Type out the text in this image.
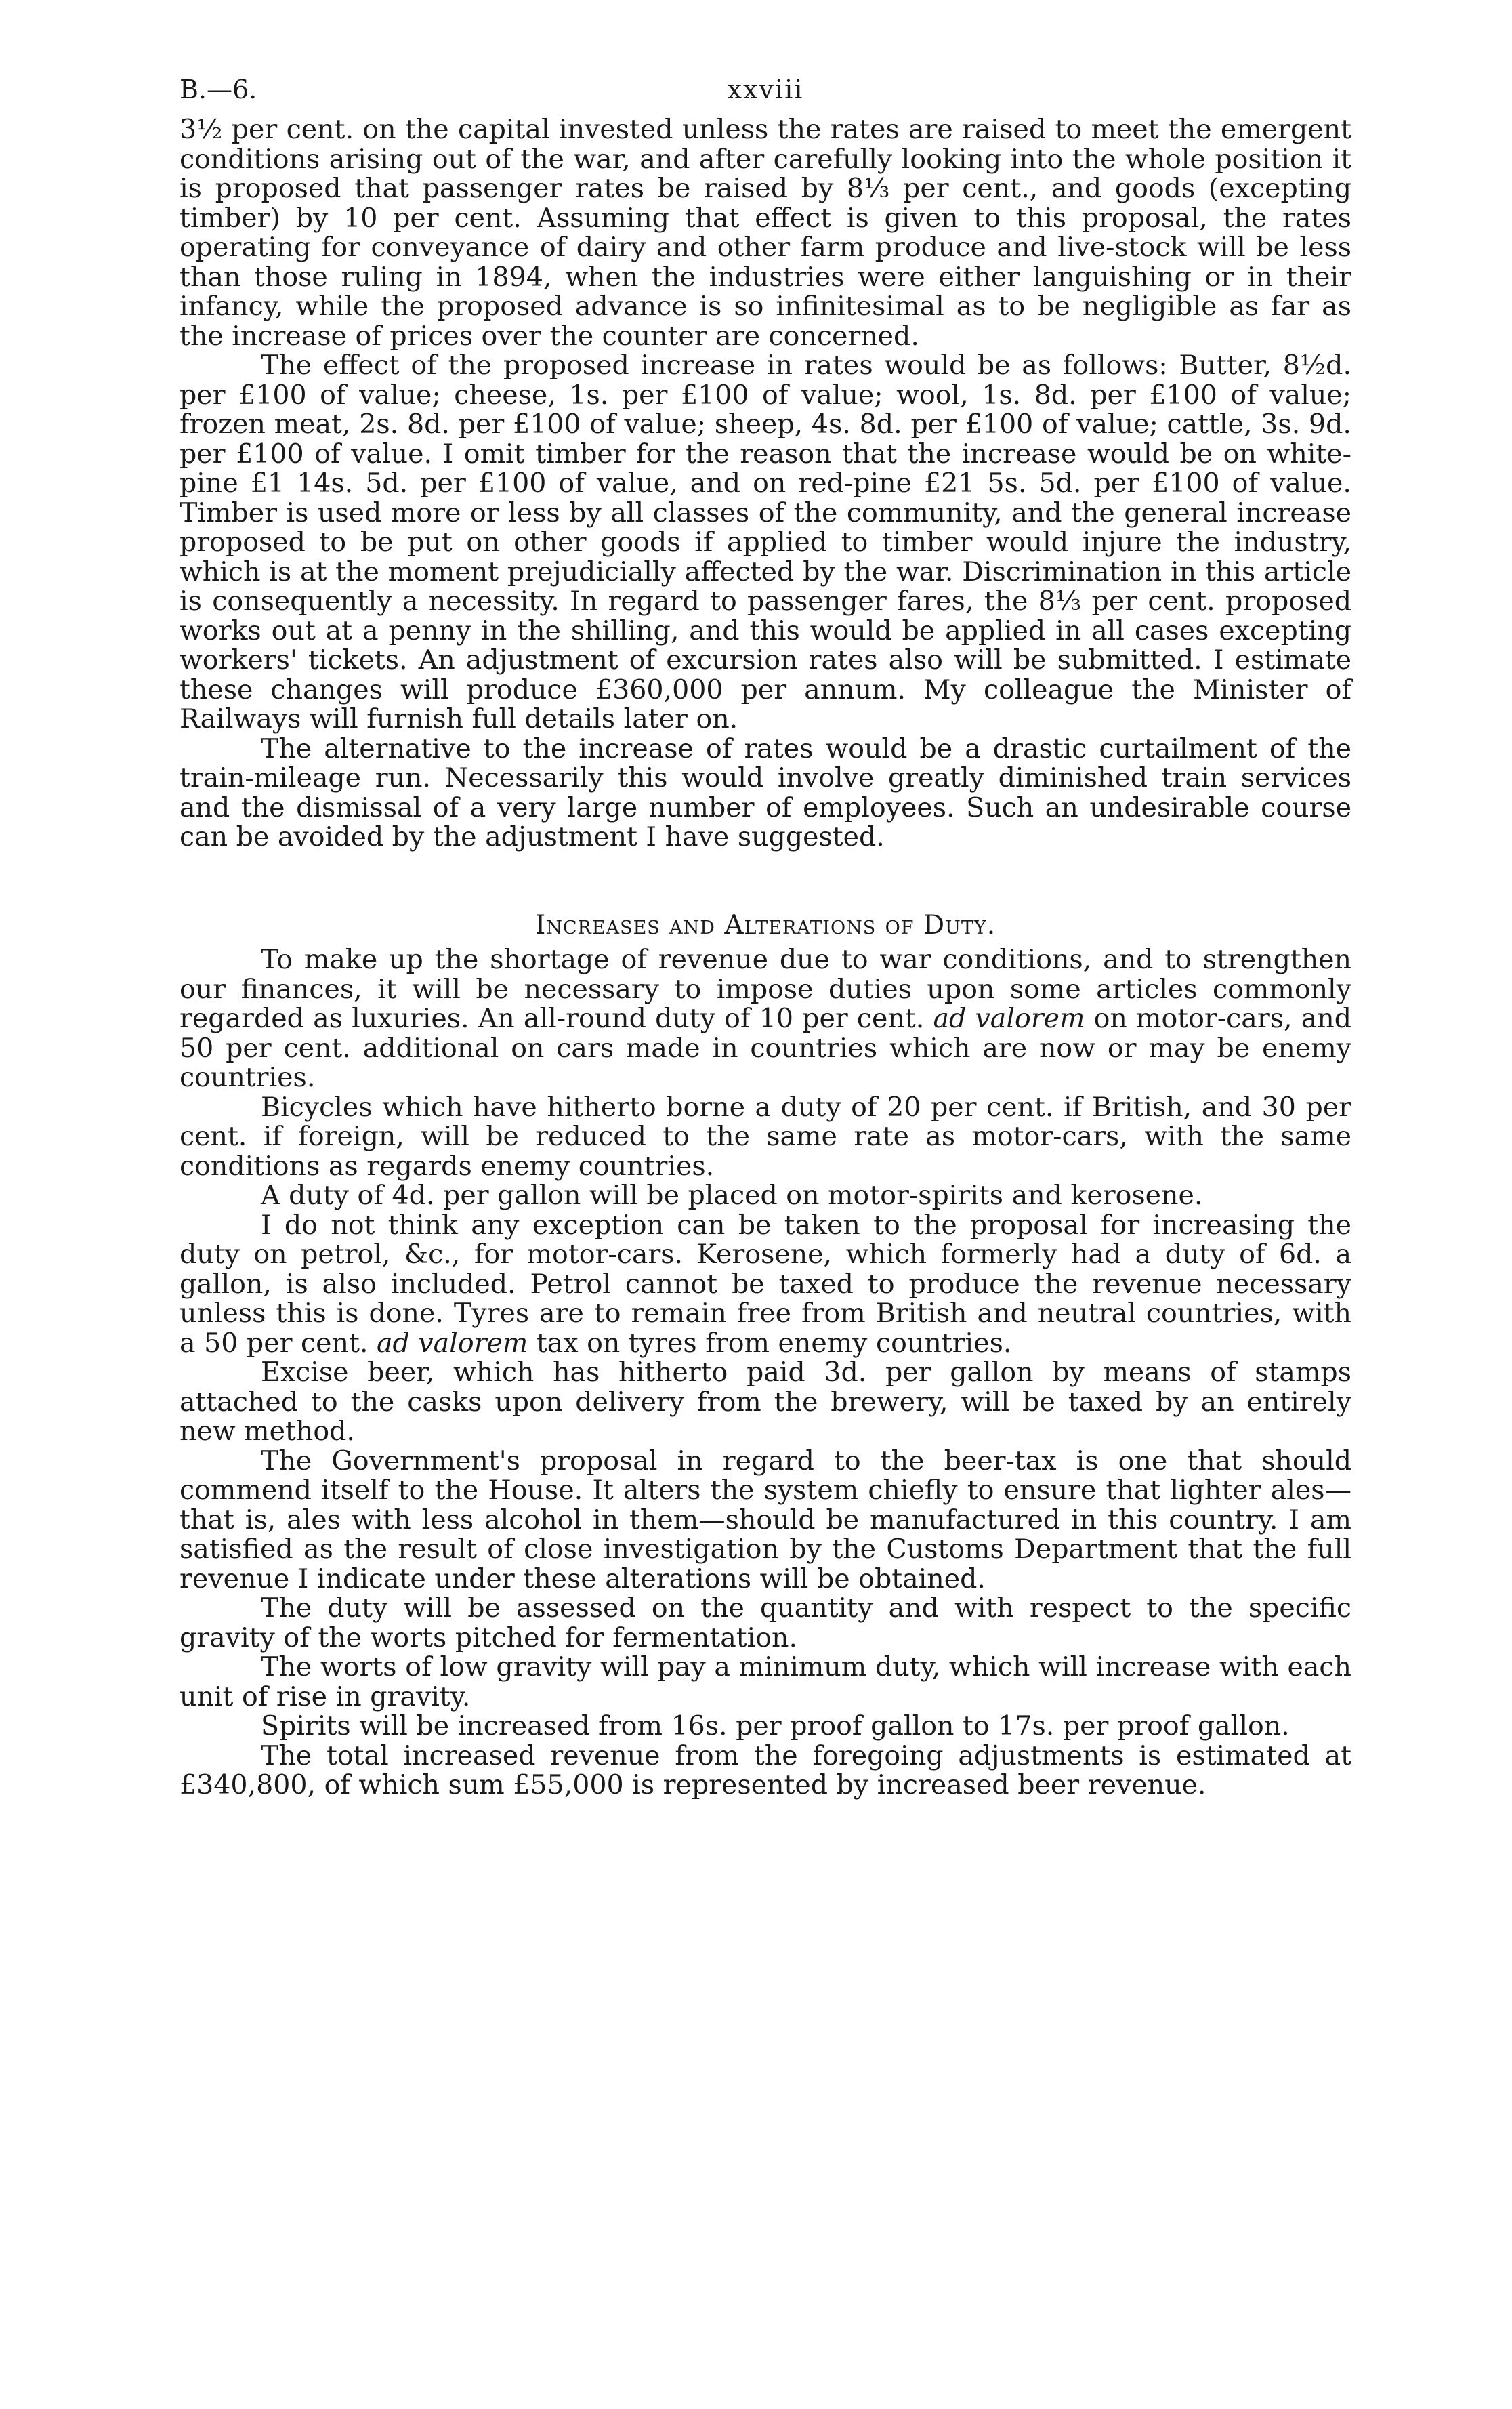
B.—6.	xxviii

3½ per cent. on the capital invested unless the rates are raised to meet the emergent conditions arising out of the war, and after carefully looking into the whole position it is proposed that passenger rates be raised by 8⅓ per cent., and goods (excepting timber) by 10 per cent. Assuming that effect is given to this proposal, the rates operating for conveyance of dairy and other farm produce and live-stock will be less than those ruling in 1894, when the industries were either languishing or in their infancy, while the proposed advance is so infinitesimal as to be negligible as far as the increase of prices over the counter are concerned.

The effect of the proposed increase in rates would be as follows: Butter, 8½d. per £100 of value; cheese, 1s. per £100 of value; wool, 1s. 8d. per £100 of value; frozen meat, 2s. 8d. per £100 of value; sheep, 4s. 8d. per £100 of value; cattle, 3s. 9d. per £100 of value. I omit timber for the reason that the increase would be on white-pine £1 14s. 5d. per £100 of value, and on red-pine £21 5s. 5d. per £100 of value. Timber is used more or less by all classes of the community, and the general increase proposed to be put on other goods if applied to timber would injure the industry, which is at the moment prejudicially affected by the war. Discrimination in this article is consequently a necessity. In regard to passenger fares, the 8⅓ per cent. proposed works out at a penny in the shilling, and this would be applied in all cases excepting workers' tickets. An adjustment of excursion rates also will be submitted. I estimate these changes will produce £360,000 per annum. My colleague the Minister of Railways will furnish full details later on.

The alternative to the increase of rates would be a drastic curtailment of the train-mileage run. Necessarily this would involve greatly diminished train services and the dismissal of a very large number of employees. Such an undesirable course can be avoided by the adjustment I have suggested.

Increases and Alterations of Duty.

To make up the shortage of revenue due to war conditions, and to strengthen our finances, it will be necessary to impose duties upon some articles commonly regarded as luxuries. An all-round duty of 10 per cent. ad valorem on motor-cars, and 50 per cent. additional on cars made in countries which are now or may be enemy countries.

Bicycles which have hitherto borne a duty of 20 per cent. if British, and 30 per cent. if foreign, will be reduced to the same rate as motor-cars, with the same conditions as regards enemy countries.

A duty of 4d. per gallon will be placed on motor-spirits and kerosene.

I do not think any exception can be taken to the proposal for increasing the duty on petrol, &c., for motor-cars. Kerosene, which formerly had a duty of 6d. a gallon, is also included. Petrol cannot be taxed to produce the revenue necessary unless this is done. Tyres are to remain free from British and neutral countries, with a 50 per cent. ad valorem tax on tyres from enemy countries.

Excise beer, which has hitherto paid 3d. per gallon by means of stamps attached to the casks upon delivery from the brewery, will be taxed by an entirely new method.

The Government's proposal in regard to the beer-tax is one that should commend itself to the House. It alters the system chiefly to ensure that lighter ales—that is, ales with less alcohol in them—should be manufactured in this country. I am satisfied as the result of close investigation by the Customs Department that the full revenue I indicate under these alterations will be obtained.

The duty will be assessed on the quantity and with respect to the specific gravity of the worts pitched for fermentation.

The worts of low gravity will pay a minimum duty, which will increase with each unit of rise in gravity.

Spirits will be increased from 16s. per proof gallon to 17s. per proof gallon.

The total increased revenue from the foregoing adjustments is estimated at £340,800, of which sum £55,000 is represented by increased beer revenue.
